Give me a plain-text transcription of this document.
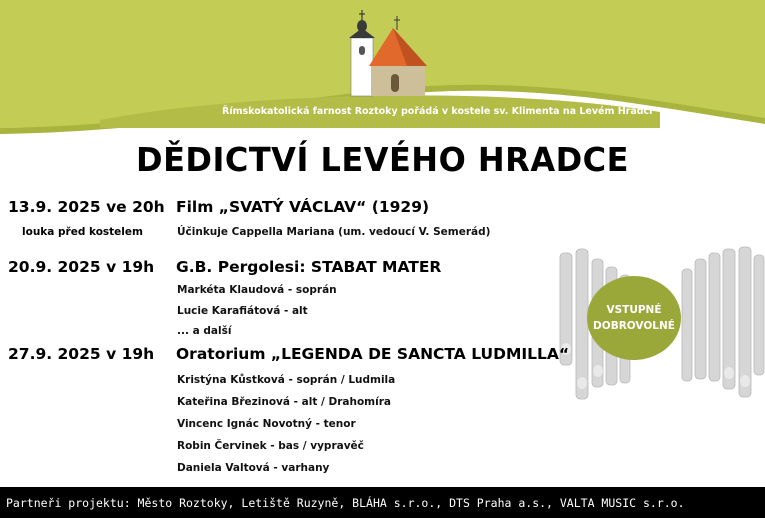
Římskokatolická farnost Roztoky pořádá v kostele sv. Klimenta na Levém Hradci
DĚDICTVÍ LEVÉHO HRADCE
VSTUPNÉ
DOBROVOLNÉ
13.9. 2025 ve 20h Film „SVATÝ VÁCLAV“ (1929)
louka před kostelem	Účinkuje Cappella Mariana (um. vedoucí V. Semerád)
20.9. 2025 v 19h G.B. Pergolesi: STABAT MATER
Markéta Klaudová - soprán
Lucie Karafiátová - alt
... a další
27.9. 2025 v 19h Oratorium „LEGENDA DE SANCTA LUDMILLA“
Kristýna Kůstková - soprán / Ludmila
Kateřina Březinová - alt / Drahomíra
Vincenc Ignác Novotný - tenor
Robin Červinek - bas / vypravěč
Daniela Valtová - varhany
Partneři projektu: Město Roztoky, Letiště Ruzyně, BLÁHA s.r.o., DTS Praha a.s., VALTA MUSIC s.r.o.
